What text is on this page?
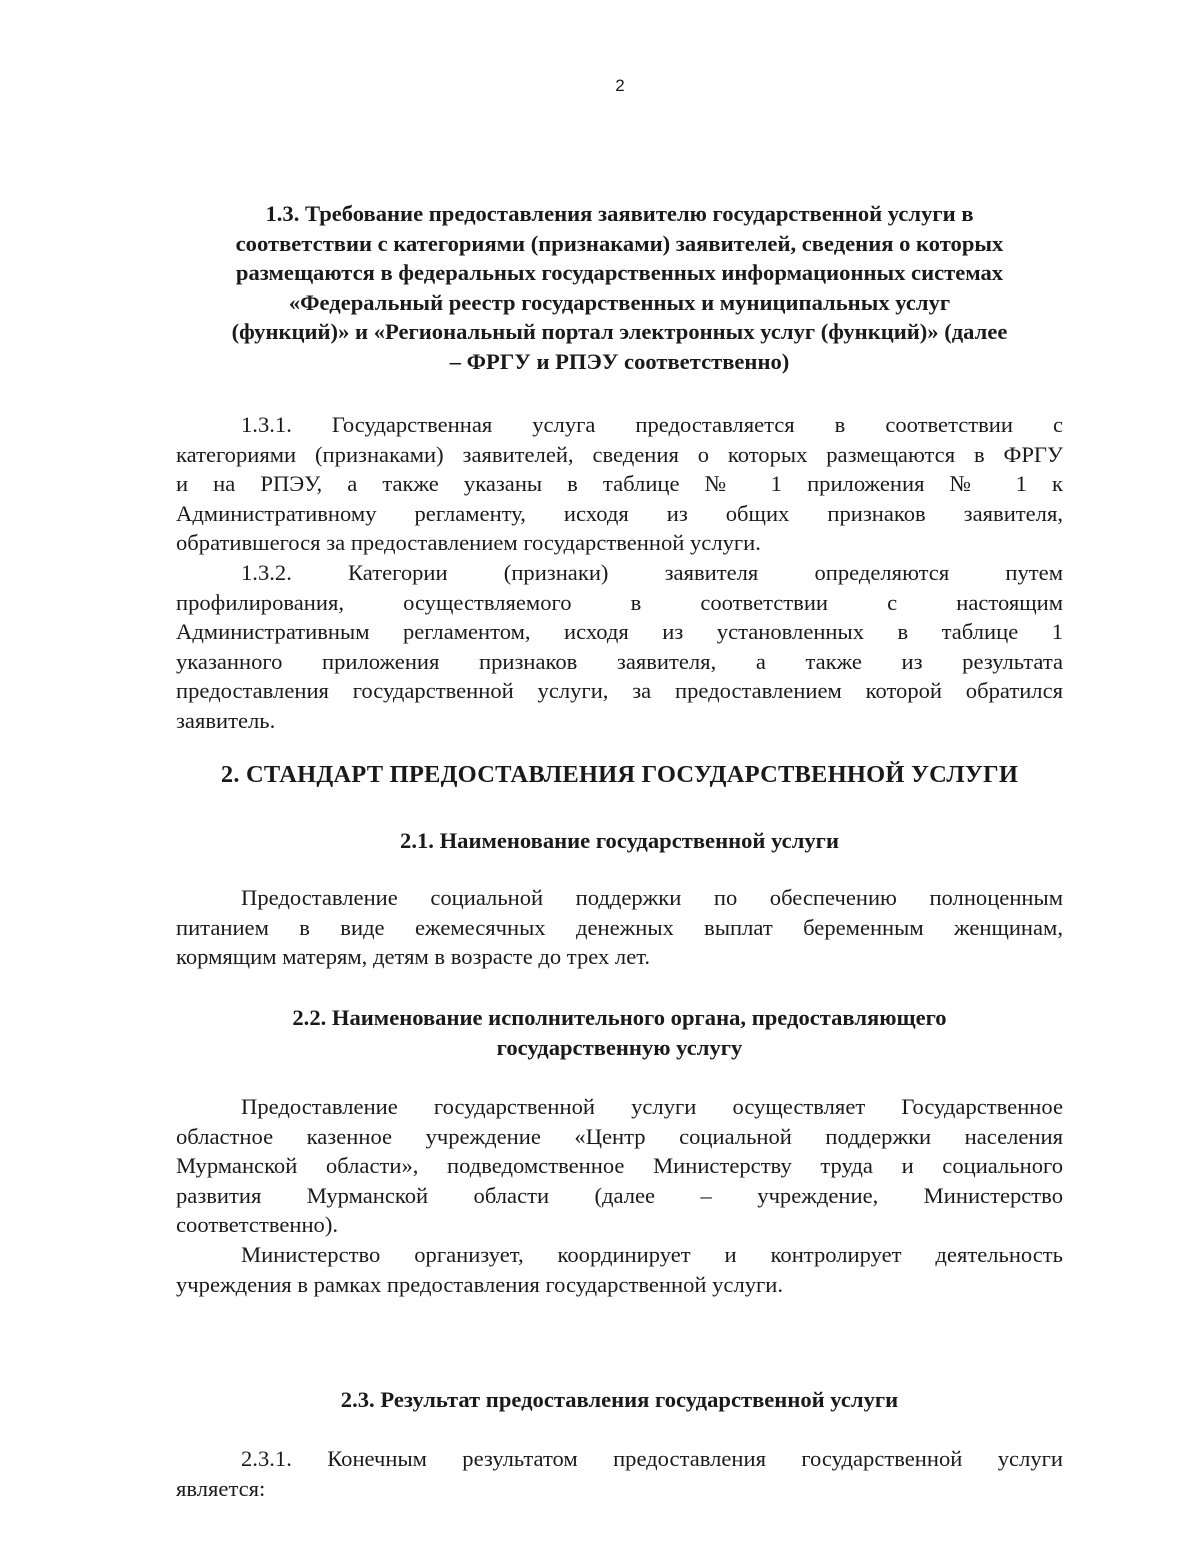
2
1.3. Требование предоставления заявителю государственной услуги в
соответствии с категориями (признаками) заявителей, сведения о которых
размещаются в федеральных государственных информационных системах
«Федеральный реестр государственных и муниципальных услуг
(функций)» и «Региональный портал электронных услуг (функций)» (далее
– ФРГУ и РПЭУ соответственно)
1.3.1. Государственная услуга предоставляется в соответствии с
категориями (признаками) заявителей, сведения о которых размещаются в ФРГУ
и на РПЭУ, а также указаны в таблице № 1 приложения № 1 к
Административному регламенту, исходя из общих признаков заявителя,
обратившегося за предоставлением государственной услуги.
1.3.2. Категории (признаки) заявителя определяются путем
профилирования, осуществляемого в соответствии с настоящим
Административным регламентом, исходя из установленных в таблице 1
указанного приложения признаков заявителя, а также из результата
предоставления государственной услуги, за предоставлением которой обратился
заявитель.
2. СТАНДАРТ ПРЕДОСТАВЛЕНИЯ ГОСУДАРСТВЕННОЙ УСЛУГИ
2.1. Наименование государственной услуги
Предоставление социальной поддержки по обеспечению полноценным
питанием в виде ежемесячных денежных выплат беременным женщинам,
кормящим матерям, детям в возрасте до трех лет.
2.2. Наименование исполнительного органа, предоставляющего
государственную услугу
Предоставление государственной услуги осуществляет Государственное
областное казенное учреждение «Центр социальной поддержки населения
Мурманской области», подведомственное Министерству труда и социального
развития Мурманской области (далее – учреждение, Министерство
соответственно).
Министерство организует, координирует и контролирует деятельность
учреждения в рамках предоставления государственной услуги.
2.3. Результат предоставления государственной услуги
2.3.1. Конечным результатом предоставления государственной услуги
является:
